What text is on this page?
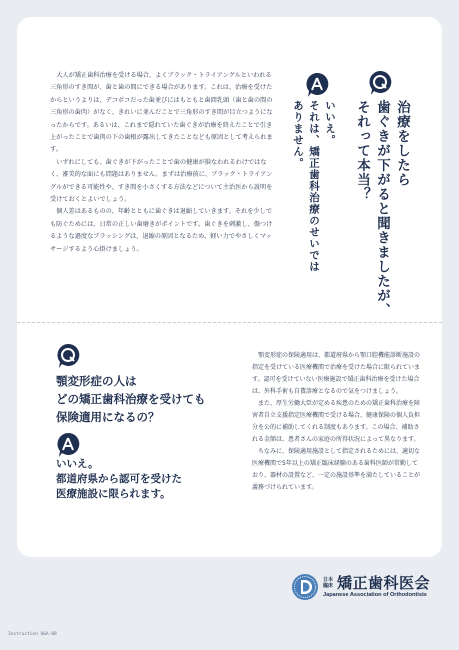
治療をしたら
歯ぐきが下がると聞きましたが、
それって本当？
いいえ。
それは、矯正歯科治療のせいでは
ありません。

大人が矯正歯科治療を受ける場合、よくブラック・トライアングルといわれる三角形のすき間が、歯と歯の間にできる場合があります。これは、治療を受けたからというよりは、デコボコだった歯並びにはもともと歯間乳頭（歯と歯の間の三角形の歯肉）がなく、きれいに並んだことで三角形のすき間が目立つようになったからです。あるいは、これまで隠れていた歯ぐきが治療を終えたことで引き上がったことで歯肉の下の歯根が露出してきたことなども原因として考えられます。

いずれにしても、歯ぐきが下がったことで歯の健康が損なわれるわけではなく、審美的な面にも問題はありません。まずは治療前に、ブラック・トライアングルができる可能性や、すき間を小さくする方法などについて主治医から説明を受けておくとよいでしょう。

個人差はあるものの、年齢とともに歯ぐきは退縮していきます。それを少しでも防ぐためには、日常の正しい歯磨きがポイントです。歯ぐきを刺激し、傷つけるような過度なブラッシングは、退縮の原因となるため、軽い力でやさしくマッサージするよう心掛けましょう。

顎変形症の人は
どの矯正歯科治療を受けても
保険適用になるの？
いいえ。
都道府県から認可を受けた
医療施設に限られます。

顎変形症の保険適用は、都道府県から顎口腔機能診断施設の指定を受けている医療機関で治療を受けた場合に限られています。認可を受けていない医療施設で矯正歯科治療を受けた場合は、外科手術も自費診療となるので気をつけましょう。

また、厚生労働大臣が定める疾患のための矯正歯科治療を障害者自立支援指定医療機関で受ける場合、健康保険の個人負担分を公的に補助してくれる制度もあります。この場合、補助される金額は、患者さんの家庭の所得状況によって異なります。

ちなみに、保険適用施設として指定されるためには、適切な医療機関で5年以上の矯正臨床経験のある歯科医師が常勤しており、器材の設置など、一定の施設基準を満たしていることが義務づけられています。

Instruction Q&A-08
日本
臨床 矯正歯科医会
Japanese Association of Orthodontists
